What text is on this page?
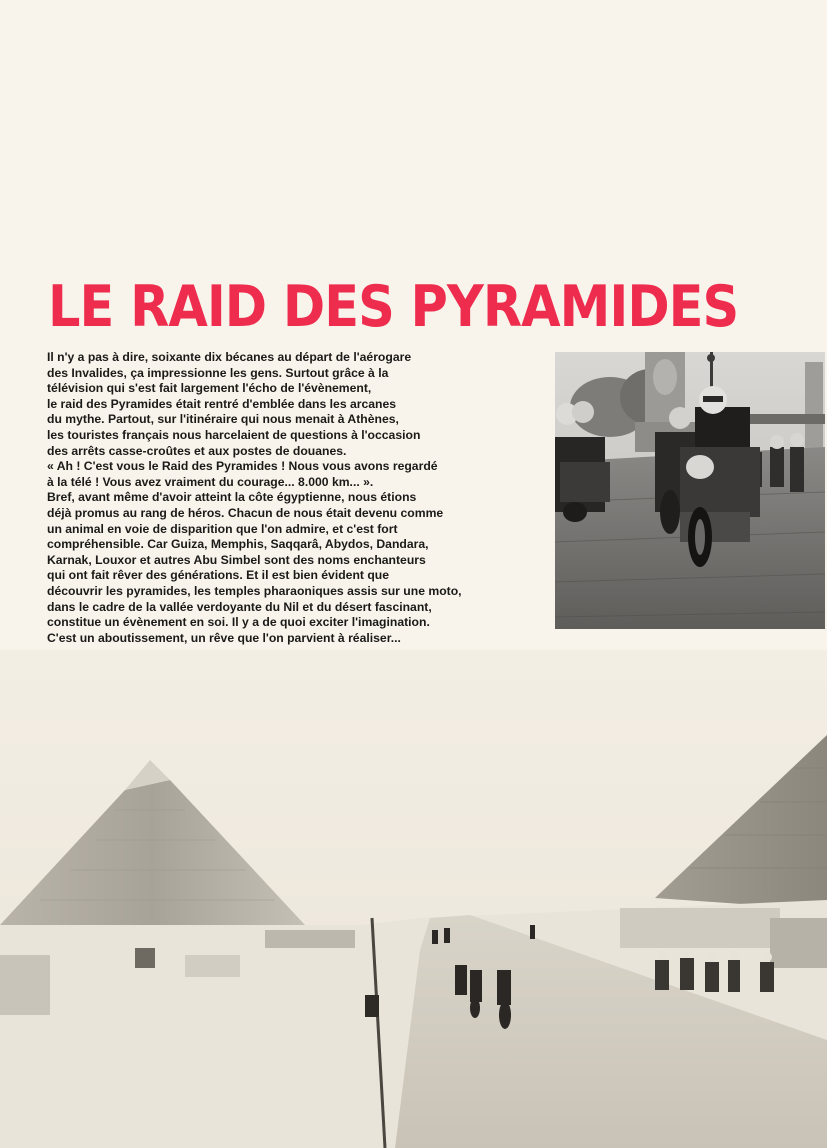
LE RAID DES PYRAMIDES
Il n'y a pas à dire, soixante dix bécanes au départ de l'aérogare
des Invalides, ça impressionne les gens. Surtout grâce à la
télévision qui s'est fait largement l'écho de l'évènement,
le raid des Pyramides était rentré d'emblée dans les arcanes
du mythe. Partout, sur l'itinéraire qui nous menait à Athènes,
les touristes français nous harcelaient de questions à l'occasion
des arrêts casse-croûtes et aux postes de douanes.
« Ah ! C'est vous le Raid des Pyramides ! Nous vous avons regardé
à la télé ! Vous avez vraiment du courage... 8.000 km... ».
Bref, avant même d'avoir atteint la côte égyptienne, nous étions
déjà promus au rang de héros. Chacun de nous était devenu comme
un animal en voie de disparition que l'on admire, et c'est fort
compréhensible. Car Guiza, Memphis, Saqqarâ, Abydos, Dandara,
Karnak, Louxor et autres Abu Simbel sont des noms enchanteurs
qui ont fait rêver des générations. Et il est bien évident que
découvrir les pyramides, les temples pharaoniques assis sur une moto,
dans le cadre de la vallée verdoyante du Nil et du désert fascinant,
constitue un évènement en soi. Il y a de quoi exciter l'imagination.
C'est un aboutissement, un rêve que l'on parvient à réaliser...
